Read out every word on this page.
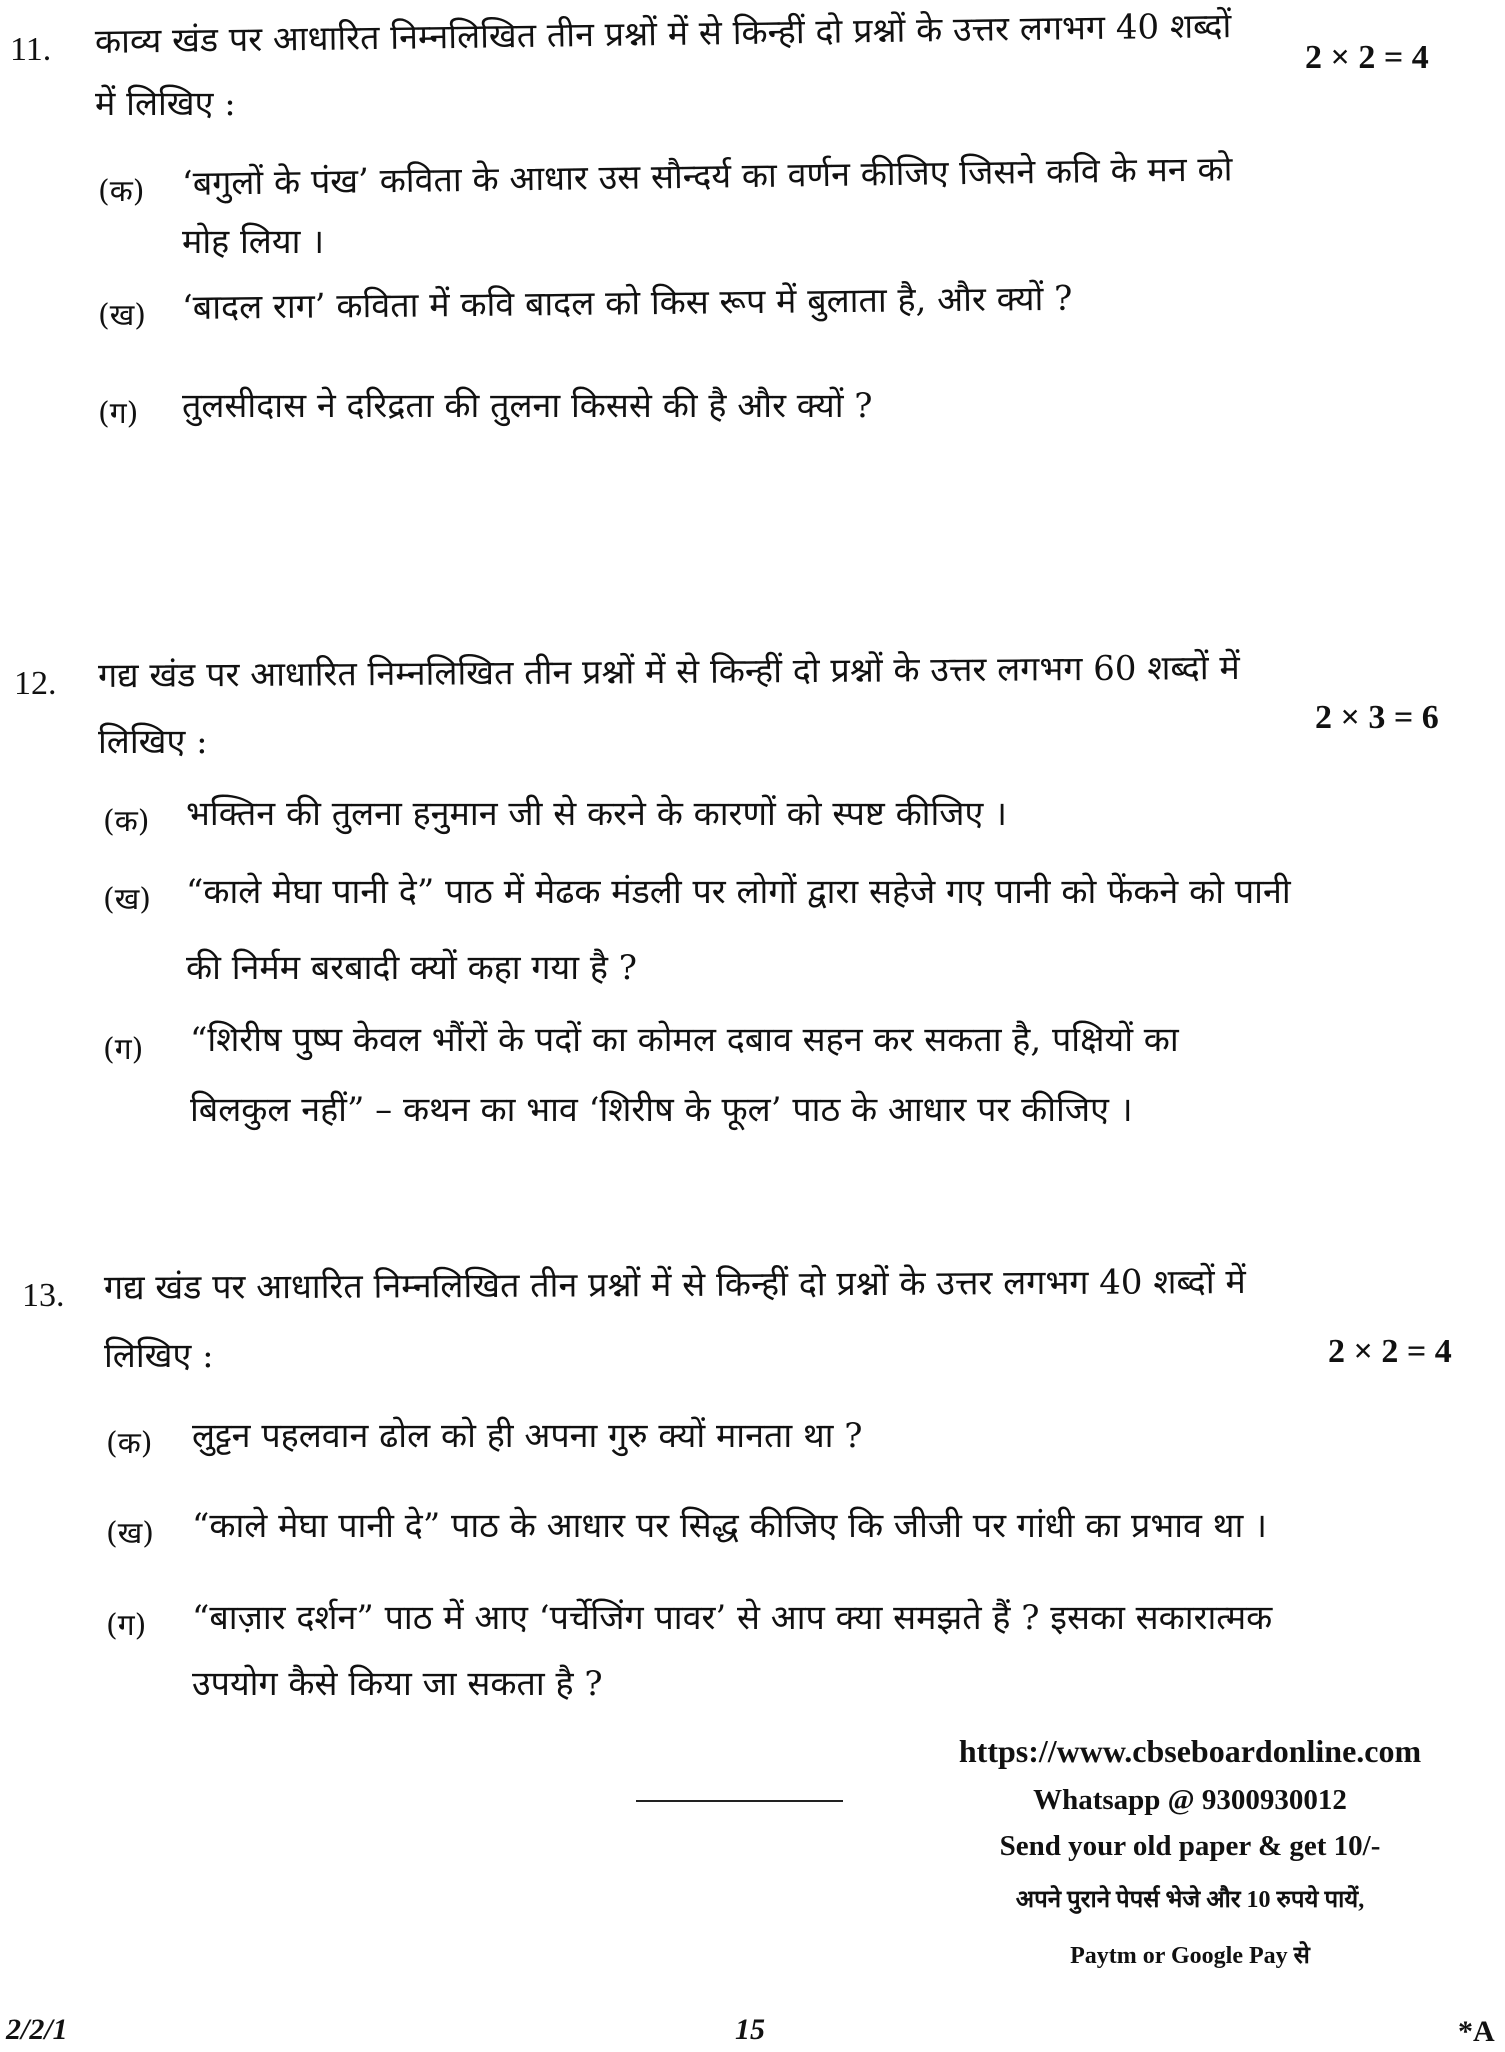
11. काव्य खंड पर आधारित निम्नलिखित तीन प्रश्नों में से किन्हीं दो प्रश्नों के उत्तर लगभग 40 शब्दों 2 × 2 = 4
में लिखिए :
(क) ‘बगुलों के पंख’ कविता के आधार उस सौन्दर्य का वर्णन कीजिए जिसने कवि के मन को
मोह लिया ।
(ख) ‘बादल राग’ कविता में कवि बादल को किस रूप में बुलाता है, और क्यों ?
(ग) तुलसीदास ने दरिद्रता की तुलना किससे की है और क्यों ?
12. गद्य खंड पर आधारित निम्नलिखित तीन प्रश्नों में से किन्हीं दो प्रश्नों के उत्तर लगभग 60 शब्दों में
2 × 3 = 6
लिखिए :
(क) भक्तिन की तुलना हनुमान जी से करने के कारणों को स्पष्ट कीजिए ।
(ख) “काले मेघा पानी दे” पाठ में मेढक मंडली पर लोगों द्वारा सहेजे गए पानी को फेंकने को पानी
की निर्मम बरबादी क्यों कहा गया है ?
(ग) “शिरीष पुष्प केवल भौंरों के पदों का कोमल दबाव सहन कर सकता है, पक्षियों का
बिलकुल नहीं” – कथन का भाव ‘शिरीष के फूल’ पाठ के आधार पर कीजिए ।
13. गद्य खंड पर आधारित निम्नलिखित तीन प्रश्नों में से किन्हीं दो प्रश्नों के उत्तर लगभग 40 शब्दों में
2 × 2 = 4
लिखिए :
(क) लुट्टन पहलवान ढोल को ही अपना गुरु क्यों मानता था ?
(ख) “काले मेघा पानी दे” पाठ के आधार पर सिद्ध कीजिए कि जीजी पर गांधी का प्रभाव था ।
(ग) “बाज़ार दर्शन” पाठ में आए ‘पर्चेजिंग पावर’ से आप क्या समझते हैं ? इसका सकारात्मक
उपयोग कैसे किया जा सकता है ?
https://www.cbseboardonline.com
Whatsapp @ 9300930012
Send your old paper & get 10/-
अपने पुराने पेपर्स भेजे और 10 रुपये पायें,
Paytm or Google Pay से
2/2/1	15	*A
